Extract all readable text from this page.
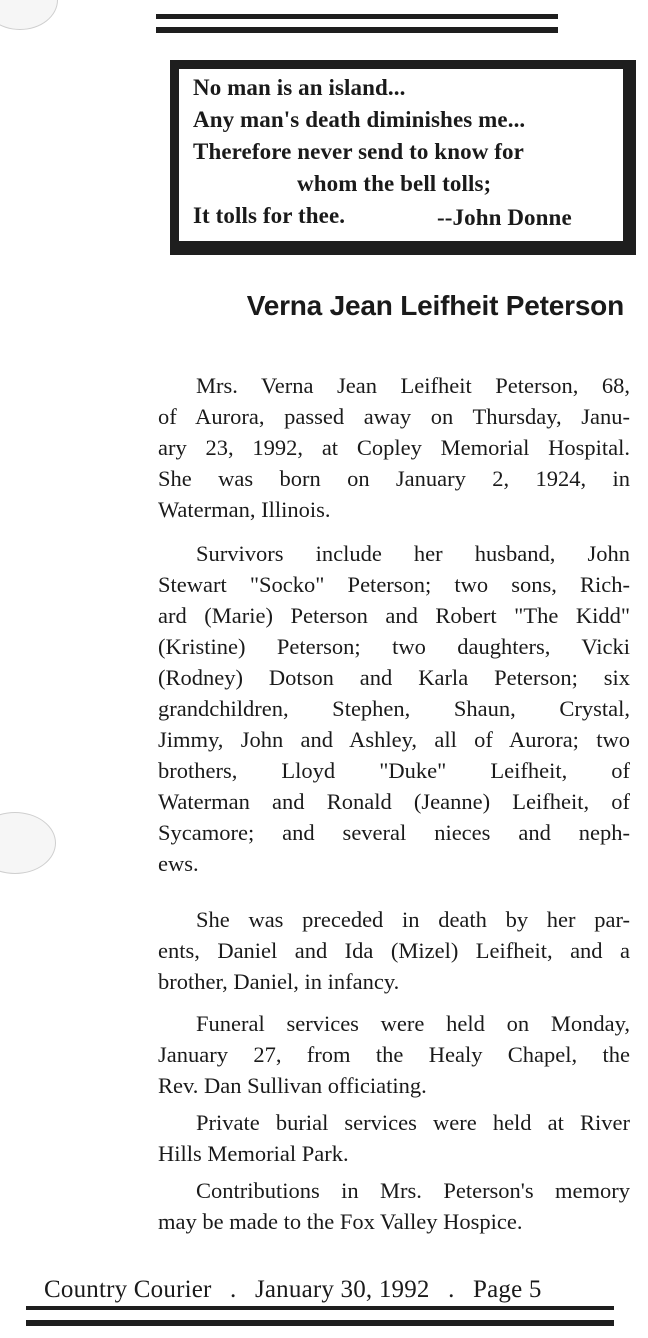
No man is an island...
Any man's death diminishes me...
Therefore never send to know for
whom the bell tolls;
It tolls for thee.	--John Donne
Verna Jean Leifheit Peterson
Mrs. Verna Jean Leifheit Peterson, 68,
of Aurora, passed away on Thursday, Janu-
ary 23, 1992, at Copley Memorial Hospital.
She was born on January 2, 1924, in
Waterman, Illinois.
Survivors include her husband, John
Stewart "Socko" Peterson; two sons, Rich-
ard (Marie) Peterson and Robert "The Kidd"
(Kristine) Peterson; two daughters, Vicki
(Rodney) Dotson and Karla Peterson; six
grandchildren, Stephen, Shaun, Crystal,
Jimmy, John and Ashley, all of Aurora; two
brothers, Lloyd "Duke" Leifheit, of
Waterman and Ronald (Jeanne) Leifheit, of
Sycamore; and several nieces and neph-
ews.
She was preceded in death by her par-
ents, Daniel and Ida (Mizel) Leifheit, and a
brother, Daniel, in infancy.
Funeral services were held on Monday,
January 27, from the Healy Chapel, the
Rev. Dan Sullivan officiating.
Private burial services were held at River
Hills Memorial Park.
Contributions in Mrs. Peterson's memory
may be made to the Fox Valley Hospice.
Country Courier . January 30, 1992 . Page 5
